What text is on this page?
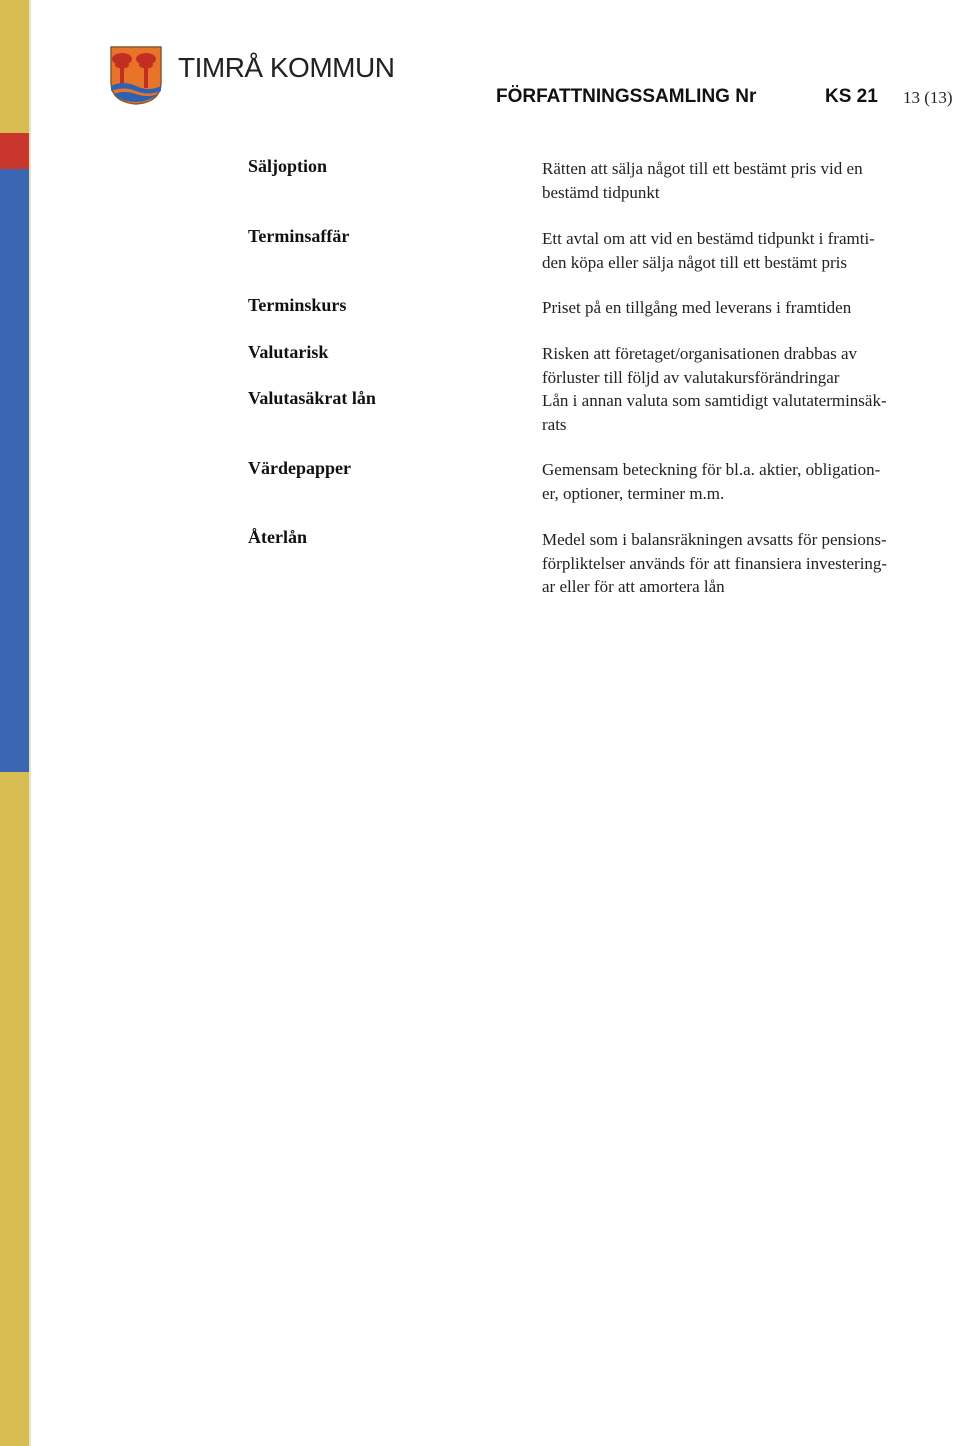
TIMRÅ KOMMUN
FÖRFATTNINGSSAMLING Nr	KS 21 13 (13)
Säljoption	Rätten att sälja något till ett bestämt pris vid en
bestämd tidpunkt
Terminsaffär	Ett avtal om att vid en bestämd tidpunkt i framti-
den köpa eller sälja något till ett bestämt pris
Terminskurs	Priset på en tillgång med leverans i framtiden
Valutarisk	Risken att företaget/organisationen drabbas av
förluster till följd av valutakursförändringar
Valutasäkrat lån	Lån i annan valuta som samtidigt valutaterminsäk-
rats
Värdepapper	Gemensam beteckning för bl.a. aktier, obligation-
er, optioner, terminer m.m.
Återlån	Medel som i balansräkningen avsatts för pensions-
förpliktelser används för att finansiera investering-
ar eller för att amortera lån
